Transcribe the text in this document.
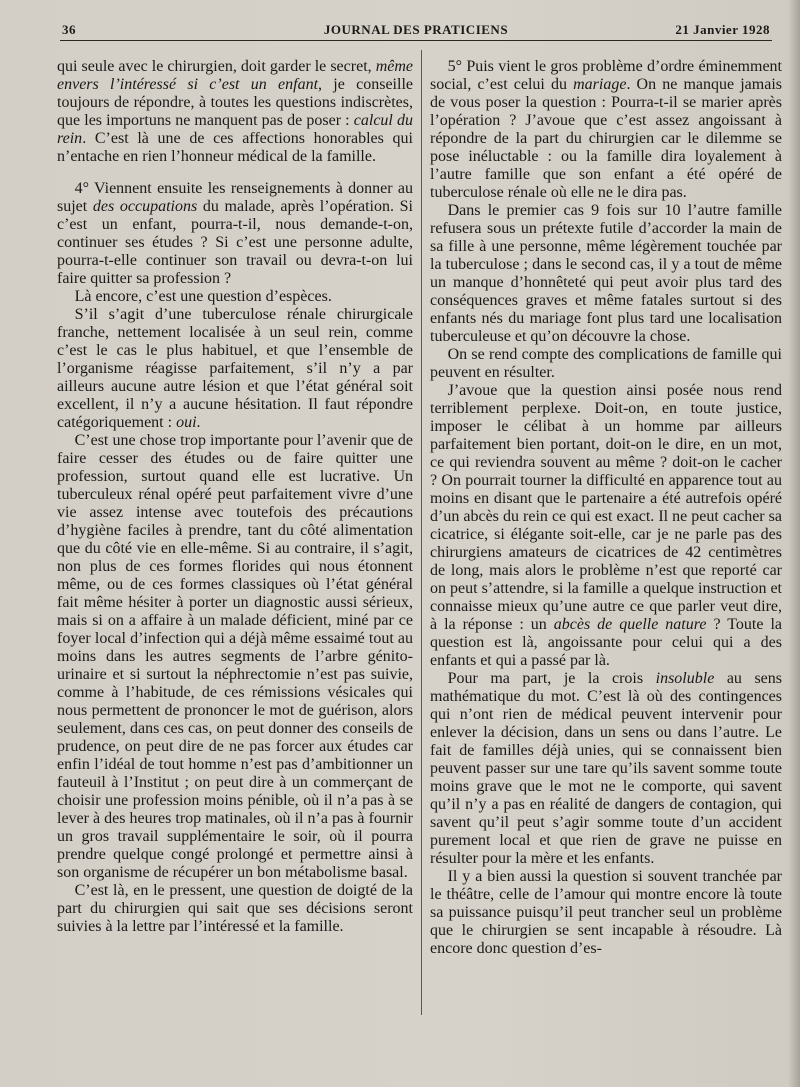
36	JOURNAL DES PRATICIENS	21 Janvier 1928

qui seule avec le chirurgien, doit garder le secret, même envers l’intéressé si c’est un enfant, je conseille toujours de répondre, à toutes les questions indiscrètes, que les importuns ne manquent pas de poser : calcul du rein. C’est là une de ces affections honorables qui n’entache en rien l’honneur médical de la famille.

4° Viennent ensuite les renseignements à donner au sujet des occupations du malade, après l’opération. Si c’est un enfant, pourra-t-il, nous demande-t-on, continuer ses études ? Si c’est une personne adulte, pourra-t-elle continuer son travail ou devra-t-on lui faire quitter sa profession ?

Là encore, c’est une question d’espèces.

S’il s’agit d’une tuberculose rénale chirurgicale franche, nettement localisée à un seul rein, comme c’est le cas le plus habituel, et que l’ensemble de l’organisme réagisse parfaitement, s’il n’y a par ailleurs aucune autre lésion et que l’état général soit excellent, il n’y a aucune hésitation. Il faut répondre catégoriquement : oui.

C’est une chose trop importante pour l’avenir que de faire cesser des études ou de faire quitter une profession, surtout quand elle est lucrative. Un tuberculeux rénal opéré peut parfaitement vivre d’une vie assez intense avec toutefois des précautions d’hygiène faciles à prendre, tant du côté alimentation que du côté vie en elle-même. Si au contraire, il s’agit, non plus de ces formes florides qui nous étonnent même, ou de ces formes classiques où l’état général fait même hésiter à porter un diagnostic aussi sérieux, mais si on a affaire à un malade déficient, miné par ce foyer local d’infection qui a déjà même essaimé tout au moins dans les autres segments de l’arbre génito-urinaire et si surtout la néphrectomie n’est pas suivie, comme à l’habitude, de ces rémissions vésicales qui nous permettent de prononcer le mot de guérison, alors seulement, dans ces cas, on peut donner des conseils de prudence, on peut dire de ne pas forcer aux études car enfin l’idéal de tout homme n’est pas d’ambitionner un fauteuil à l’Institut ; on peut dire à un commerçant de choisir une profession moins pénible, où il n’a pas à se lever à des heures trop matinales, où il n’a pas à fournir un gros travail supplémentaire le soir, où il pourra prendre quelque congé prolongé et permettre ainsi à son organisme de récupérer un bon métabolisme basal.

C’est là, en le pressent, une question de doigté de la part du chirurgien qui sait que ses décisions seront suivies à la lettre par l’intéressé et la famille.

5° Puis vient le gros problème d’ordre éminemment social, c’est celui du mariage. On ne manque jamais de vous poser la question : Pourra-t-il se marier après l’opération ? J’avoue que c’est assez angoissant à répondre de la part du chirurgien car le dilemme se pose inéluctable : ou la famille dira loyalement à l’autre famille que son enfant a été opéré de tuberculose rénale où elle ne le dira pas.

Dans le premier cas 9 fois sur 10 l’autre famille refusera sous un prétexte futile d’accorder la main de sa fille à une personne, même légèrement touchée par la tuberculose ; dans le second cas, il y a tout de même un manque d’honnêteté qui peut avoir plus tard des conséquences graves et même fatales surtout si des enfants nés du mariage font plus tard une localisation tuberculeuse et qu’on découvre la chose.

On se rend compte des complications de famille qui peuvent en résulter.

J’avoue que la question ainsi posée nous rend terriblement perplexe. Doit-on, en toute justice, imposer le célibat à un homme par ailleurs parfaitement bien portant, doit-on le dire, en un mot, ce qui reviendra souvent au même ? doit-on le cacher ? On pourrait tourner la difficulté en apparence tout au moins en disant que le partenaire a été autrefois opéré d’un abcès du rein ce qui est exact. Il ne peut cacher sa cicatrice, si élégante soit-elle, car je ne parle pas des chirurgiens amateurs de cicatrices de 42 centimètres de long, mais alors le problème n’est que reporté car on peut s’attendre, si la famille a quelque instruction et connaisse mieux qu’une autre ce que parler veut dire, à la réponse : un abcès de quelle nature ? Toute la question est là, angoissante pour celui qui a des enfants et qui a passé par là.

Pour ma part, je la crois insoluble au sens mathématique du mot. C’est là où des contingences qui n’ont rien de médical peuvent intervenir pour enlever la décision, dans un sens ou dans l’autre. Le fait de familles déjà unies, qui se connaissent bien peuvent passer sur une tare qu’ils savent somme toute moins grave que le mot ne le comporte, qui savent qu’il n’y a pas en réalité de dangers de contagion, qui savent qu’il peut s’agir somme toute d’un accident purement local et que rien de grave ne puisse en résulter pour la mère et les enfants.

Il y a bien aussi la question si souvent tranchée par le théâtre, celle de l’amour qui montre encore là toute sa puissance puisqu’il peut trancher seul un problème que le chirurgien se sent incapable à résoudre. Là encore donc question d’es-
